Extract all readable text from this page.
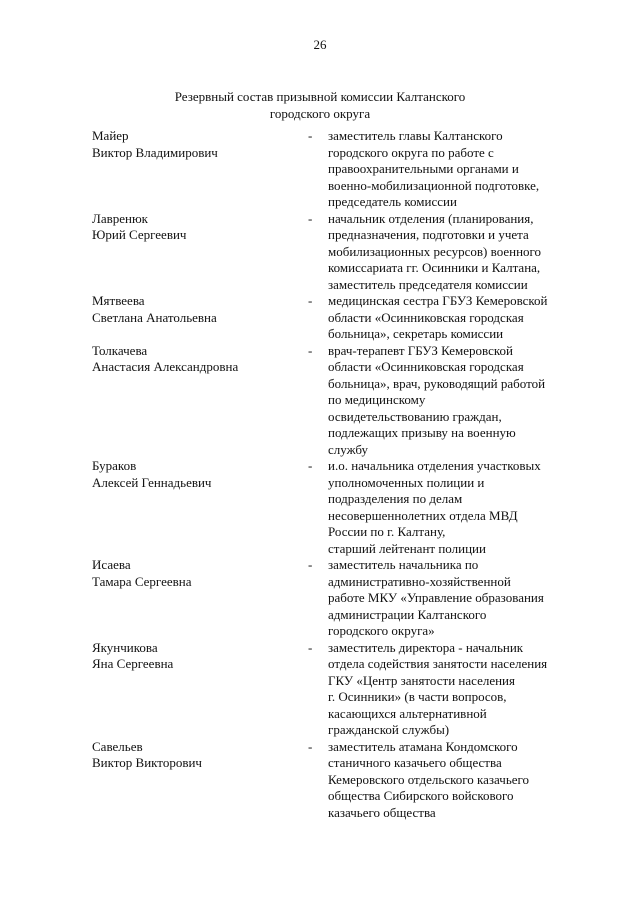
26
Резервный состав призывной комиссии Калтанского
городского округа
Майер
Виктор Владимирович
- заместитель главы Калтанского
городского округа по работе с
правоохранительными органами и
военно-мобилизационной подготовке,
председатель комиссии
Лавренюк
Юрий Сергеевич
- начальник отделения (планирования,
предназначения, подготовки и учета
мобилизационных ресурсов) военного
комиссариата гг. Осинники и Калтана,
заместитель председателя комиссии
Мятвеева
Светлана Анатольевна
- медицинская сестра ГБУЗ Кемеровской
области «Осинниковская городская
больница», секретарь комиссии
Толкачева
Анастасия Александровна
- врач-терапевт ГБУЗ Кемеровской
области «Осинниковская городская
больница», врач, руководящий работой
по медицинскому
освидетельствованию граждан,
подлежащих призыву на военную
службу
Бураков
Алексей Геннадьевич
- и.о. начальника отделения участковых
уполномоченных полиции и
подразделения по делам
несовершеннолетних отдела МВД
России по г. Калтану,
старший лейтенант полиции
Исаева
Тамара Сергеевна
- заместитель начальника по
административно-хозяйственной
работе МКУ «Управление образования
администрации Калтанского
городского округа»
Якунчикова
Яна Сергеевна
- заместитель директора - начальник
отдела содействия занятости населения
ГКУ «Центр занятости населения
г. Осинники» (в части вопросов,
касающихся альтернативной
гражданской службы)
Савельев
Виктор Викторович
- заместитель атамана Кондомского
станичного казачьего общества
Кемеровского отдельского казачьего
общества Сибирского войскового
казачьего общества
